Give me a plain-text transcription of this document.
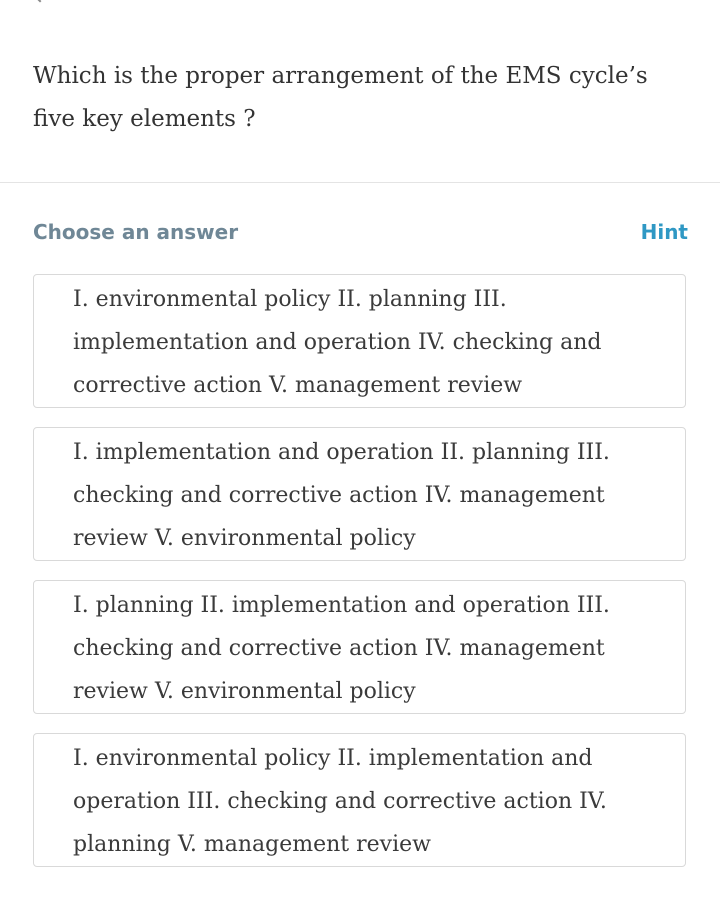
Which is the proper arrangement of the EMS cycle’s five key elements ?

Choose an answer	Hint
I. environmental policy II. planning III. implementation and operation IV. checking and corrective action V. management review
I. implementation and operation II. planning III. checking and corrective action IV. management review V. environmental policy
I. planning II. implementation and operation III. checking and corrective action IV. management review V. environmental policy
I. environmental policy II. implementation and operation III. checking and corrective action IV. planning V. management review
